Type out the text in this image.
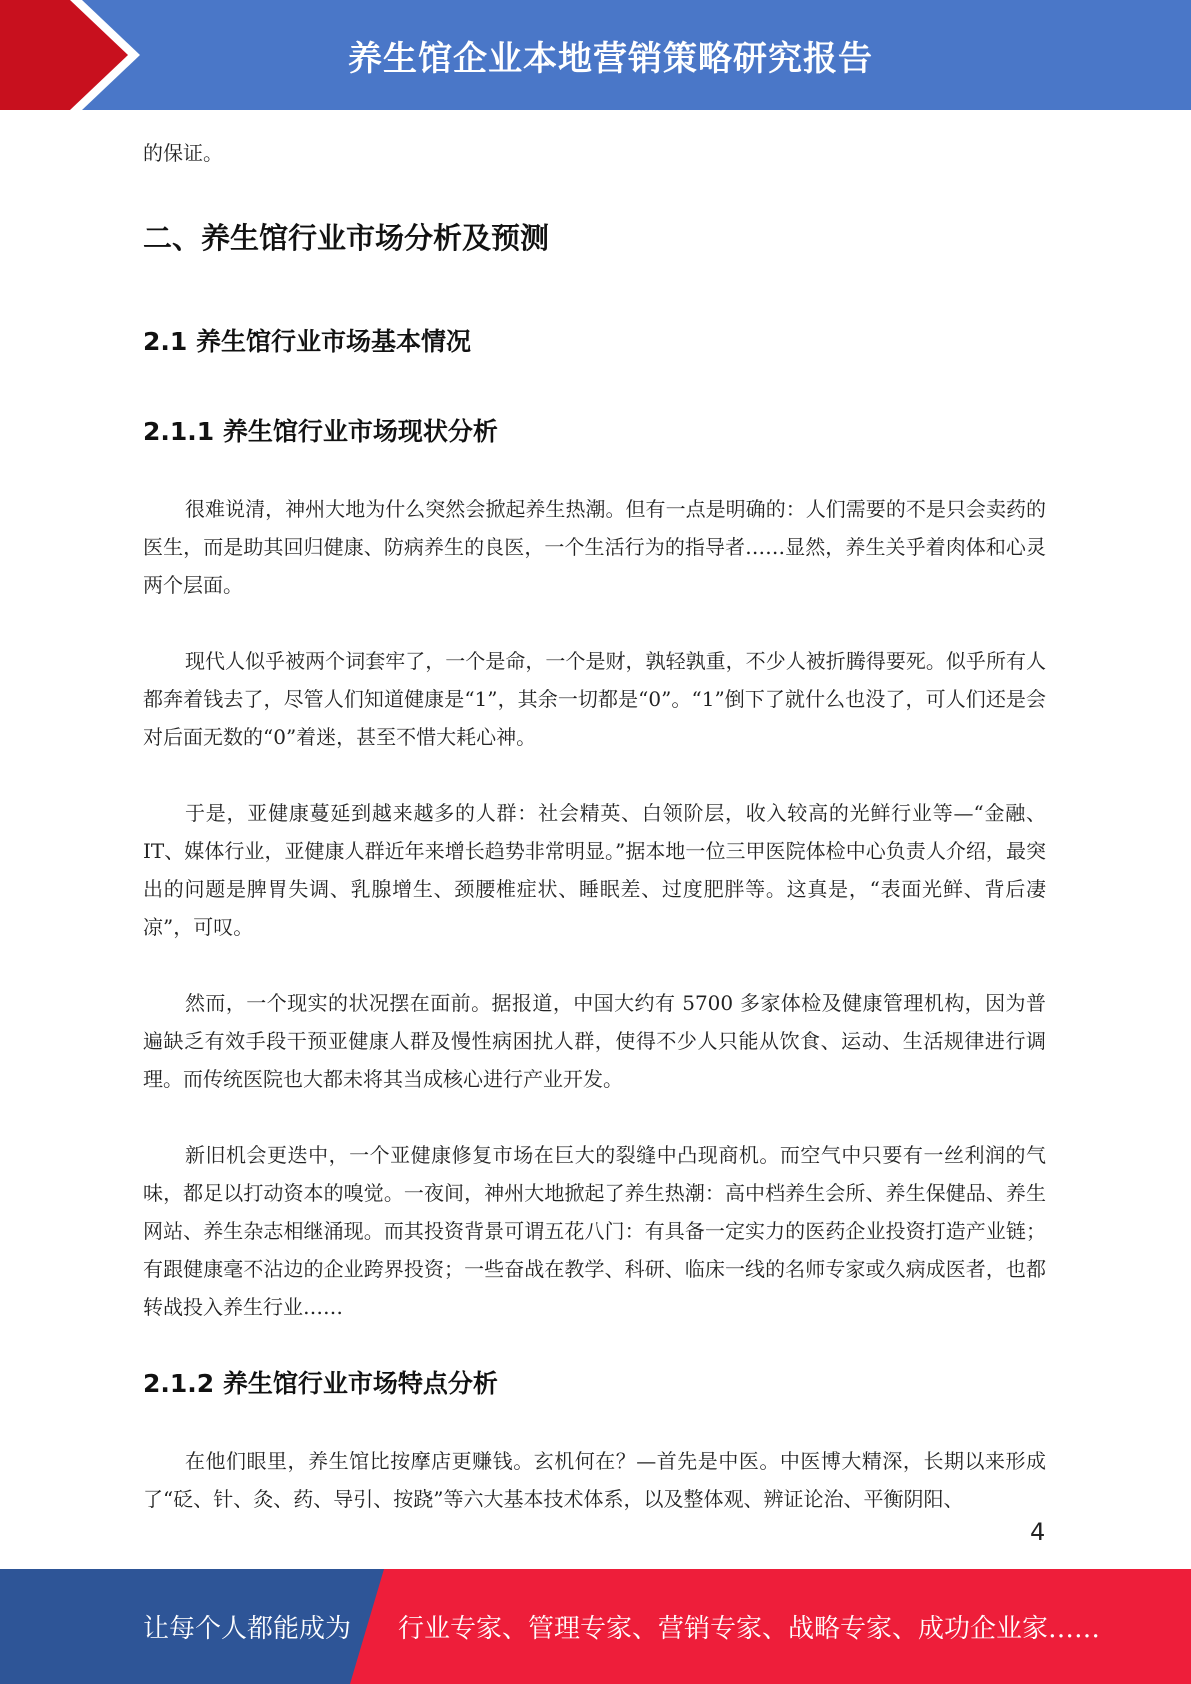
养生馆企业本地营销策略研究报告

的保证。

二、养生馆行业市场分析及预测
2.1 养生馆行业市场基本情况
2.1.1 养生馆行业市场现状分析

很难说清，神州大地为什么突然会掀起养生热潮。但有一点是明确的：人们需要的不是只会卖药的医生，而是助其回归健康、防病养生的良医，一个生活行为的指导者……显然，养生关乎着肉体和心灵两个层面。

现代人似乎被两个词套牢了，一个是命，一个是财，孰轻孰重，不少人被折腾得要死。似乎所有人都奔着钱去了，尽管人们知道健康是“1”，其余一切都是“0”。“1”倒下了就什么也没了，可人们还是会对后面无数的“0”着迷，甚至不惜大耗心神。

于是，亚健康蔓延到越来越多的人群：社会精英、白领阶层，收入较高的光鲜行业等—“金融、IT、媒体行业，亚健康人群近年来增长趋势非常明显。”据本地一位三甲医院体检中心负责人介绍，最突出的问题是脾胃失调、乳腺增生、颈腰椎症状、睡眠差、过度肥胖等。这真是，“表面光鲜、背后凄凉”，可叹。

然而，一个现实的状况摆在面前。据报道，中国大约有 5700 多家体检及健康管理机构，因为普遍缺乏有效手段干预亚健康人群及慢性病困扰人群，使得不少人只能从饮食、运动、生活规律进行调理。而传统医院也大都未将其当成核心进行产业开发。

新旧机会更迭中，一个亚健康修复市场在巨大的裂缝中凸现商机。而空气中只要有一丝利润的气味，都足以打动资本的嗅觉。一夜间，神州大地掀起了养生热潮：高中档养生会所、养生保健品、养生网站、养生杂志相继涌现。而其投资背景可谓五花八门：有具备一定实力的医药企业投资打造产业链；有跟健康毫不沾边的企业跨界投资；一些奋战在教学、科研、临床一线的名师专家或久病成医者，也都转战投入养生行业……

2.1.2 养生馆行业市场特点分析

在他们眼里，养生馆比按摩店更赚钱。玄机何在？—首先是中医。中医博大精深，长期以来形成了“砭、针、灸、药、导引、按跷”等六大基本技术体系，以及整体观、辨证论治、平衡阴阳、

4
让每个人都能成为 行业专家、管理专家、营销专家、战略专家、成功企业家……
